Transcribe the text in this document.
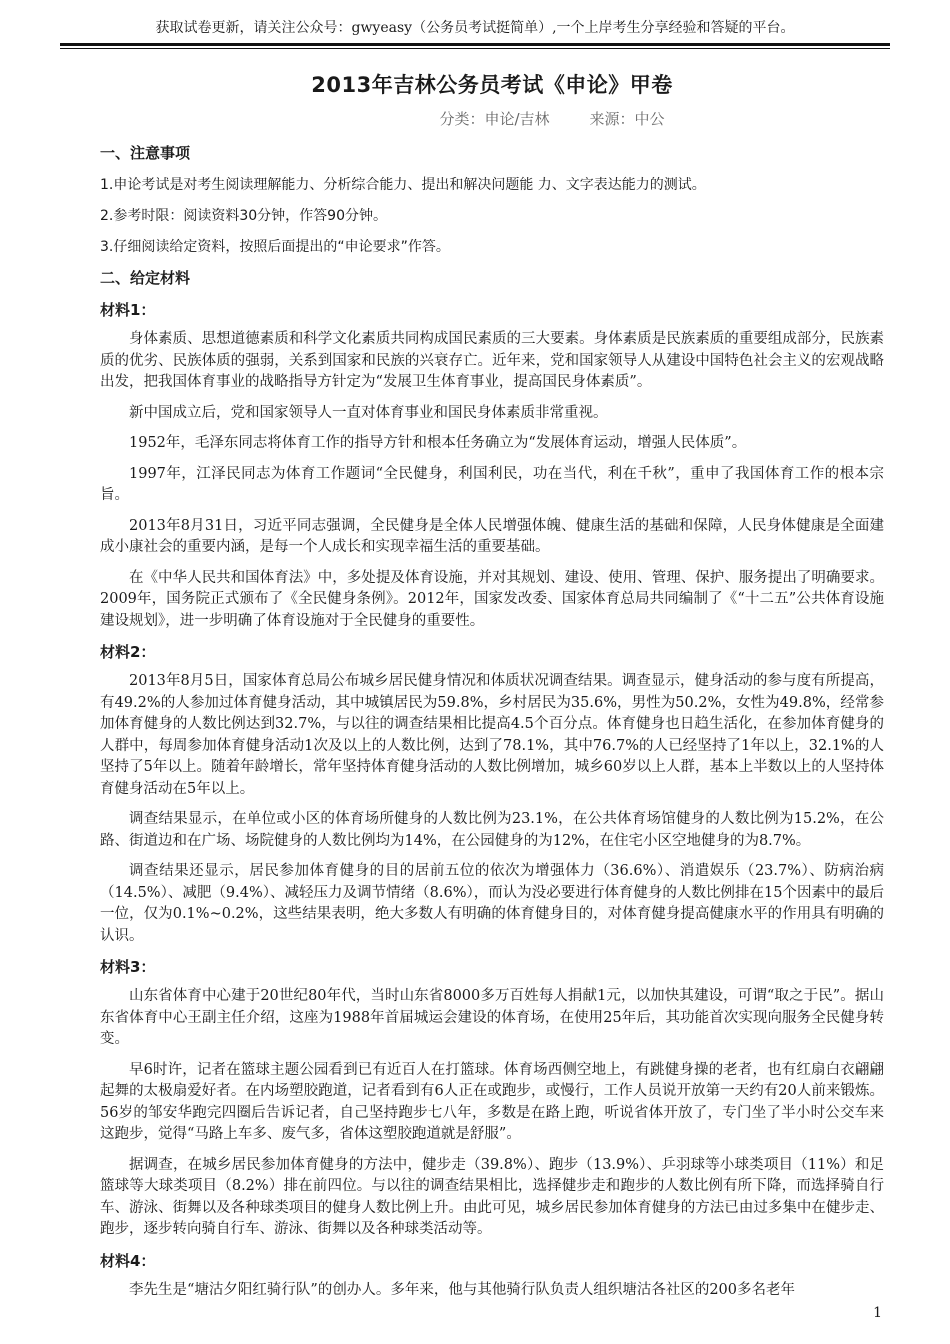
获取试卷更新，请关注公众号：gwyeasy（公务员考试挺简单）,一个上岸考生分享经验和答疑的平台。
2013年吉林公务员考试《申论》甲卷
分类：申论/吉林	来源：中公
一、注意事项
1.申论考试是对考生阅读理解能力、分析综合能力、提出和解决问题能 力、文字表达能力的测试。
2.参考时限：阅读资料30分钟，作答90分钟。
3.仔细阅读给定资料，按照后面提出的“申论要求”作答。
二、给定材料
材料1：

身体素质、思想道德素质和科学文化素质共同构成国民素质的三大要素。身体素质是民族素质的重要组成部分，民族素质的优劣、民族体质的强弱，关系到国家和民族的兴衰存亡。近年来，党和国家领导人从建设中国特色社会主义的宏观战略出发，把我国体育事业的战略指导方针定为“发展卫生体育事业，提高国民身体素质”。

新中国成立后，党和国家领导人一直对体育事业和国民身体素质非常重视。

1952年，毛泽东同志将体育工作的指导方针和根本任务确立为“发展体育运动，增强人民体质”。

1997年，江泽民同志为体育工作题词“全民健身，利国利民，功在当代，利在千秋”，重申了我国体育工作的根本宗旨。

2013年8月31日，习近平同志强调，全民健身是全体人民增强体魄、健康生活的基础和保障，人民身体健康是全面建成小康社会的重要内涵，是每一个人成长和实现幸福生活的重要基础。

在《中华人民共和国体育法》中，多处提及体育设施，并对其规划、建设、使用、管理、保护、服务提出了明确要求。2009年，国务院正式颁布了《全民健身条例》。2012年，国家发改委、国家体育总局共同编制了《“十二五”公共体育设施建设规划》，进一步明确了体育设施对于全民健身的重要性。

材料2：

2013年8月5日，国家体育总局公布城乡居民健身情况和体质状况调查结果。调查显示，健身活动的参与度有所提高，有49.2%的人参加过体育健身活动，其中城镇居民为59.8%，乡村居民为35.6%，男性为50.2%，女性为49.8%，经常参加体育健身的人数比例达到32.7%，与以往的调查结果相比提高4.5个百分点。体育健身也日趋生活化，在参加体育健身的人群中，每周参加体育健身活动1次及以上的人数比例，达到了78.1%，其中76.7%的人已经坚持了1年以上，32.1%的人坚持了5年以上。随着年龄增长，常年坚持体育健身活动的人数比例增加，城乡60岁以上人群，基本上半数以上的人坚持体育健身活动在5年以上。

调查结果显示，在单位或小区的体育场所健身的人数比例为23.1%，在公共体育场馆健身的人数比例为15.2%，在公路、街道边和在广场、场院健身的人数比例均为14%，在公园健身的为12%，在住宅小区空地健身的为8.7%。

调查结果还显示，居民参加体育健身的目的居前五位的依次为增强体力（36.6%）、消遣娱乐（23.7%）、防病治病（14.5%）、减肥（9.4%）、减轻压力及调节情绪（8.6%），而认为没必要进行体育健身的人数比例排在15个因素中的最后一位，仅为0.1%~0.2%，这些结果表明，绝大多数人有明确的体育健身目的，对体育健身提高健康水平的作用具有明确的认识。

材料3：

山东省体育中心建于20世纪80年代，当时山东省8000多万百姓每人捐献1元，以加快其建设，可谓“取之于民”。据山东省体育中心王副主任介绍，这座为1988年首届城运会建设的体育场，在使用25年后，其功能首次实现向服务全民健身转变。

早6时许，记者在篮球主题公园看到已有近百人在打篮球。体育场西侧空地上，有跳健身操的老者，也有红扇白衣翩翩起舞的太极扇爱好者。在内场塑胶跑道，记者看到有6人正在或跑步，或慢行，工作人员说开放第一天约有20人前来锻炼。56岁的邹安华跑完四圈后告诉记者，自己坚持跑步七八年，多数是在路上跑，听说省体开放了，专门坐了半小时公交车来这跑步，觉得“马路上车多、废气多，省体这塑胶跑道就是舒服”。

据调查，在城乡居民参加体育健身的方法中，健步走（39.8%）、跑步（13.9%）、乒羽球等小球类项目（11%）和足篮球等大球类项目（8.2%）排在前四位。与以往的调查结果相比，选择健步走和跑步的人数比例有所下降，而选择骑自行车、游泳、街舞以及各种球类项目的健身人数比例上升。由此可见，城乡居民参加体育健身的方法已由过多集中在健步走、跑步，逐步转向骑自行车、游泳、街舞以及各种球类活动等。

材料4：

李先生是“塘沽夕阳红骑行队”的创办人。多年来，他与其他骑行队负责人组织塘沽各社区的200多名老年

1
